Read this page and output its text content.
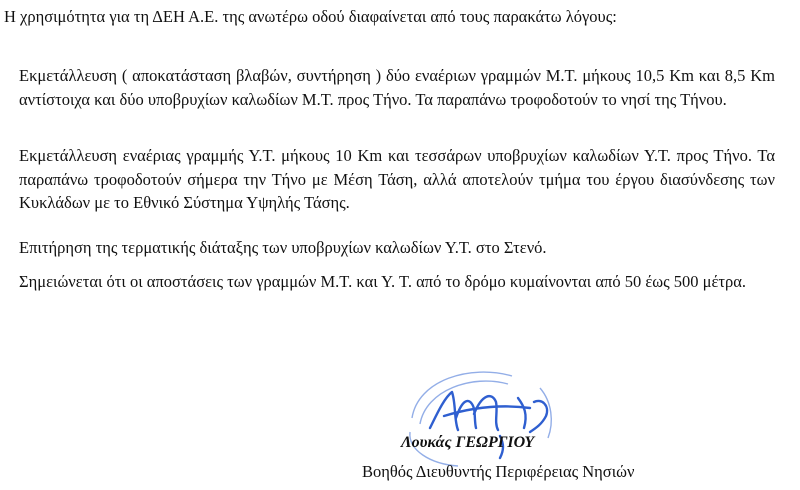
Η χρησιμότητα για τη ΔΕΗ Α.Ε. της ανωτέρω οδού διαφαίνεται από τους παρακάτω λόγους:

Εκμετάλλευση ( αποκατάσταση βλαβών, συντήρηση ) δύο εναέριων γραμμών Μ.Τ. μήκους 10,5 Km και 8,5 Km αντίστοιχα και δύο υποβρυχίων καλωδίων Μ.Τ. προς Τήνο. Τα παραπάνω τροφοδοτούν το νησί της Τήνου.

Εκμετάλλευση εναέριας γραμμής Υ.Τ. μήκους 10 Km και τεσσάρων υποβρυχίων καλωδίων Υ.Τ. προς Τήνο. Τα παραπάνω τροφοδοτούν σήμερα την Τήνο με Μέση Τάση, αλλά αποτελούν τμήμα του έργου διασύνδεσης των Κυκλάδων με το Εθνικό Σύστημα Υψηλής Τάσης.

Επιτήρηση της τερματικής διάταξης των υποβρυχίων καλωδίων Υ.Τ. στο Στενό.

Σημειώνεται ότι οι αποστάσεις των γραμμών Μ.Τ. και Υ. Τ. από το δρόμο κυμαίνονται από 50 έως 500 μέτρα.

Λουκάς ΓΕΩΡΓΙΟΥ

Βοηθός Διευθυντής Περιφέρειας Νησιών
